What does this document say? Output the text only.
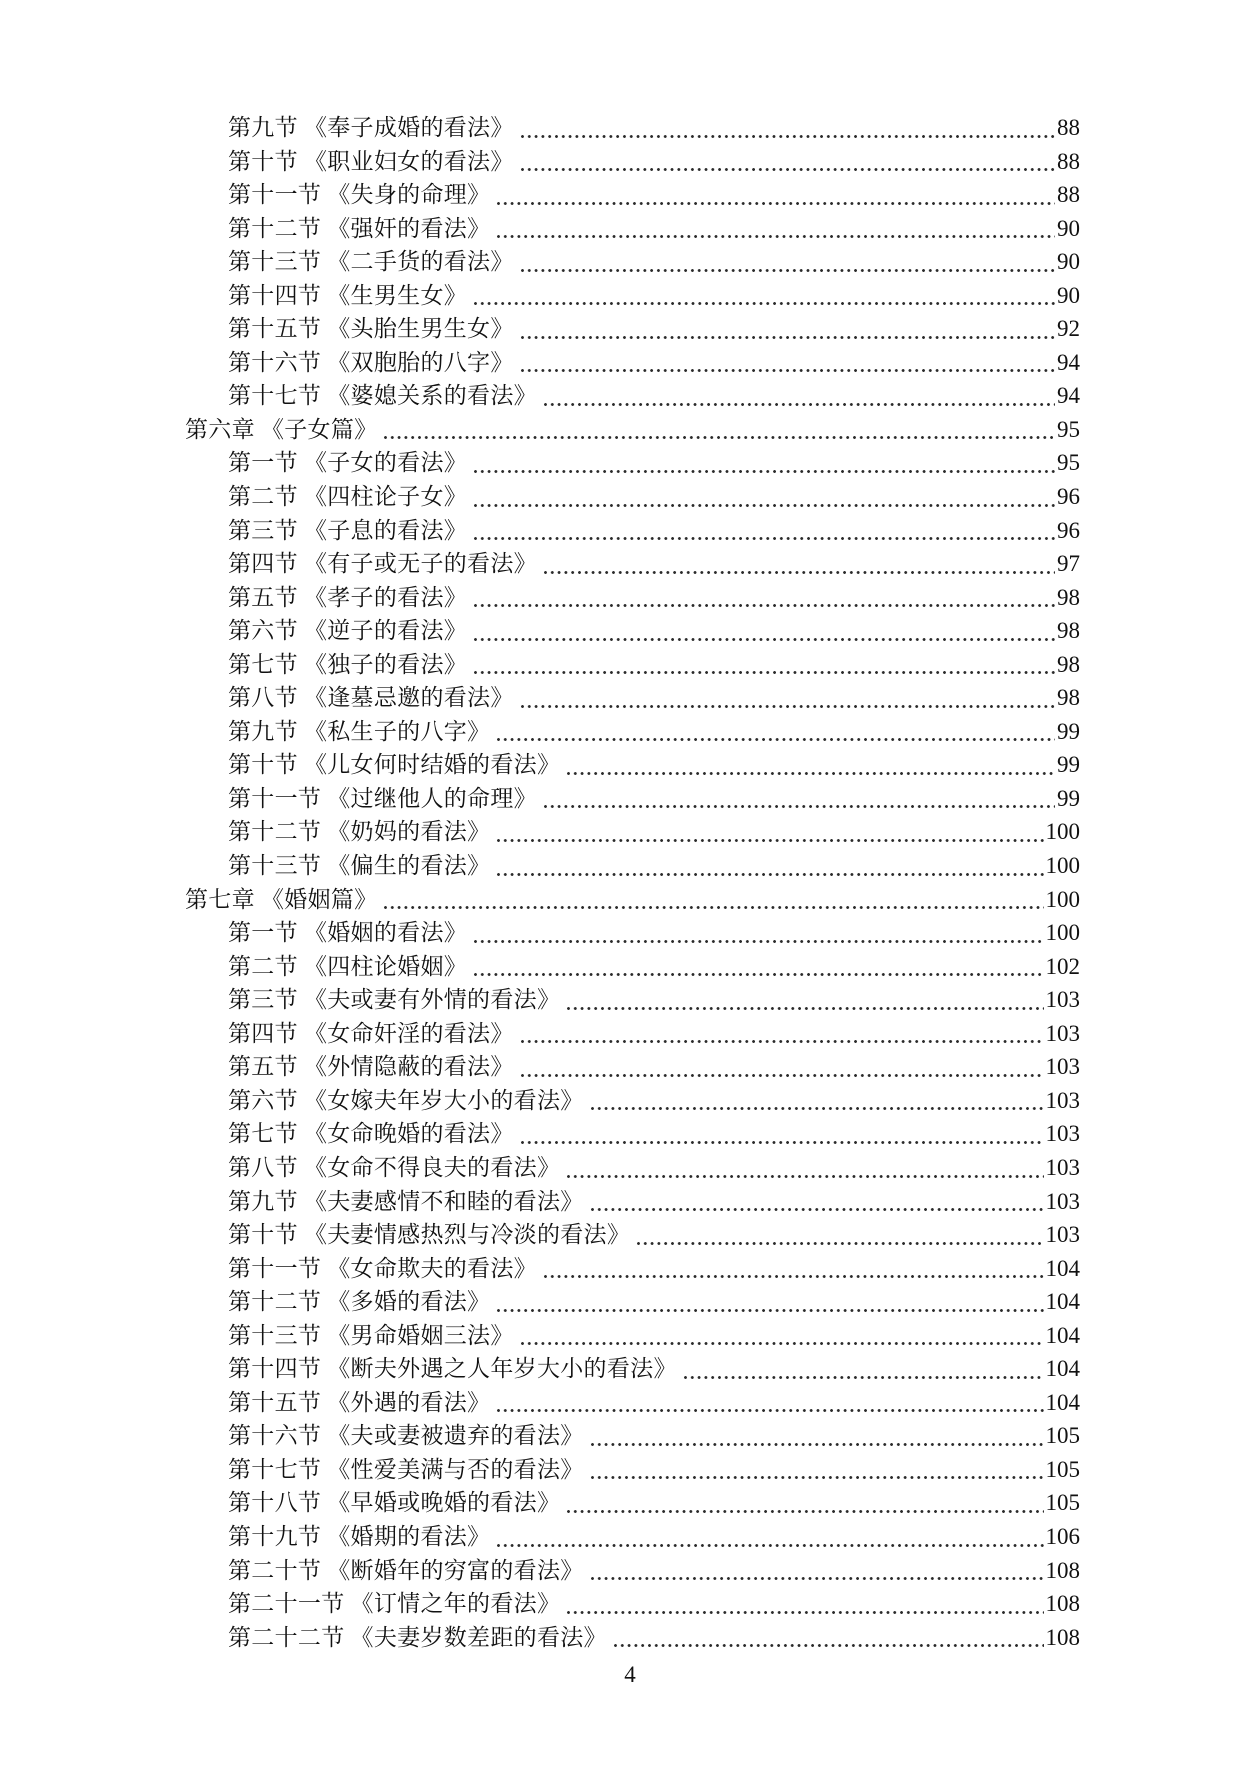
第九节 《奉子成婚的看法》	88
第十节 《职业妇女的看法》	88
第十一节 《失身的命理》	88
第十二节 《强奸的看法》	90
第十三节 《二手货的看法》	90
第十四节 《生男生女》	90
第十五节 《头胎生男生女》	92
第十六节 《双胞胎的八字》	94
第十七节 《婆媳关系的看法》	94
第六章 《子女篇》	95
第一节 《子女的看法》	95
第二节 《四柱论子女》	96
第三节 《子息的看法》	96
第四节 《有子或无子的看法》	97
第五节 《孝子的看法》	98
第六节 《逆子的看法》	98
第七节 《独子的看法》	98
第八节 《逢墓忌邀的看法》	98
第九节 《私生子的八字》	99
第十节 《儿女何时结婚的看法》	99
第十一节 《过继他人的命理》	99
第十二节 《奶妈的看法》	100
第十三节 《偏生的看法》	100
第七章 《婚姻篇》	100
第一节 《婚姻的看法》	100
第二节 《四柱论婚姻》	102
第三节 《夫或妻有外情的看法》	103
第四节 《女命奸淫的看法》	103
第五节 《外情隐蔽的看法》	103
第六节 《女嫁夫年岁大小的看法》	103
第七节 《女命晚婚的看法》	103
第八节 《女命不得良夫的看法》	103
第九节 《夫妻感情不和睦的看法》	103
第十节 《夫妻情感热烈与冷淡的看法》	103
第十一节 《女命欺夫的看法》	104
第十二节 《多婚的看法》	104
第十三节 《男命婚姻三法》	104
第十四节 《断夫外遇之人年岁大小的看法》	104
第十五节 《外遇的看法》	104
第十六节 《夫或妻被遗弃的看法》	105
第十七节 《性爱美满与否的看法》	105
第十八节 《早婚或晚婚的看法》	105
第十九节 《婚期的看法》	106
第二十节 《断婚年的穷富的看法》	108
第二十一节 《订情之年的看法》	108
第二十二节 《夫妻岁数差距的看法》	108
4
